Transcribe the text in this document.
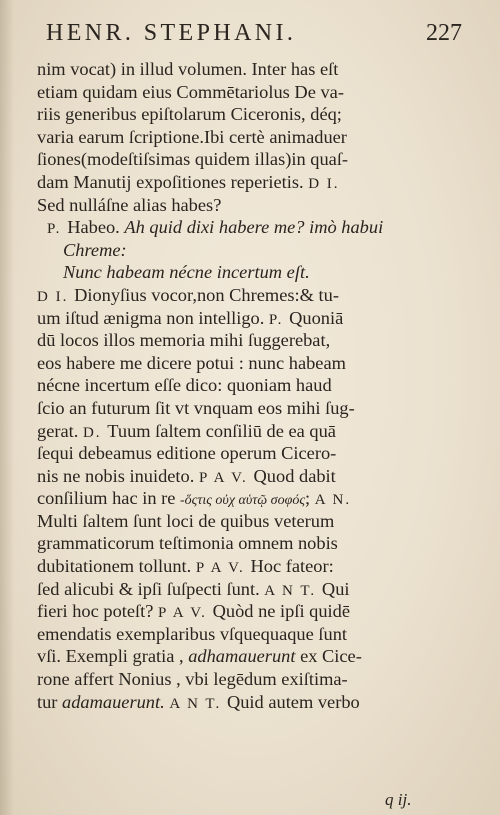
HENR. STEPHANI.	227
nim vocat) in illud volumen. Inter has eſt
etiam quidam eius Commētariolus De va-
riis generibus epiſtolarum Ciceronis, déq;
varia earum ſcriptione.Ibi certè animaduer
ſiones(modeſtiſsimas quidem illas)in quaſ-
dam Manutij expoſitiones reperietis. D I.
Sed nulláſne alias habes?
P. Habeo. Ah quid dixi habere me? imò habui
Chreme:
Nunc habeam nécne incertum eſt.
D I. Dionyſius vocor,non Chremes:& tu-
um iſtud ænigma non intelligo. P. Quoniā
dū locos illos memoria mihi ſuggerebat,
eos habere me dicere potui : nunc habeam
nécne incertum eſſe dico: quoniam haud
ſcio an futurum ſit vt vnquam eos mihi ſug-
gerat. D. Tuum ſaltem conſiliū de ea quā
ſequi debeamus editione operum Cicero-
nis ne nobis inuideto. P A V. Quod dabit
conſilium hac in re -ὅςτις οὐχ αὑτῷ σοφός; A N.
Multi ſaltem ſunt loci de quibus veterum
grammaticorum teſtimonia omnem nobis
dubitationem tollunt. P A V. Hoc fateor:
ſed alicubi & ipſi ſuſpecti ſunt. A N T. Qui
fieri hoc poteſt? P A V. Quòd ne ipſi quidē
emendatis exemplaribus vſquequaque ſunt
vſi. Exempli gratia , adhamauerunt ex Cice-
rone affert Nonius , vbi legēdum exiſtima-
tur adamauerunt. A N T. Quid autem verbo
q ij.
